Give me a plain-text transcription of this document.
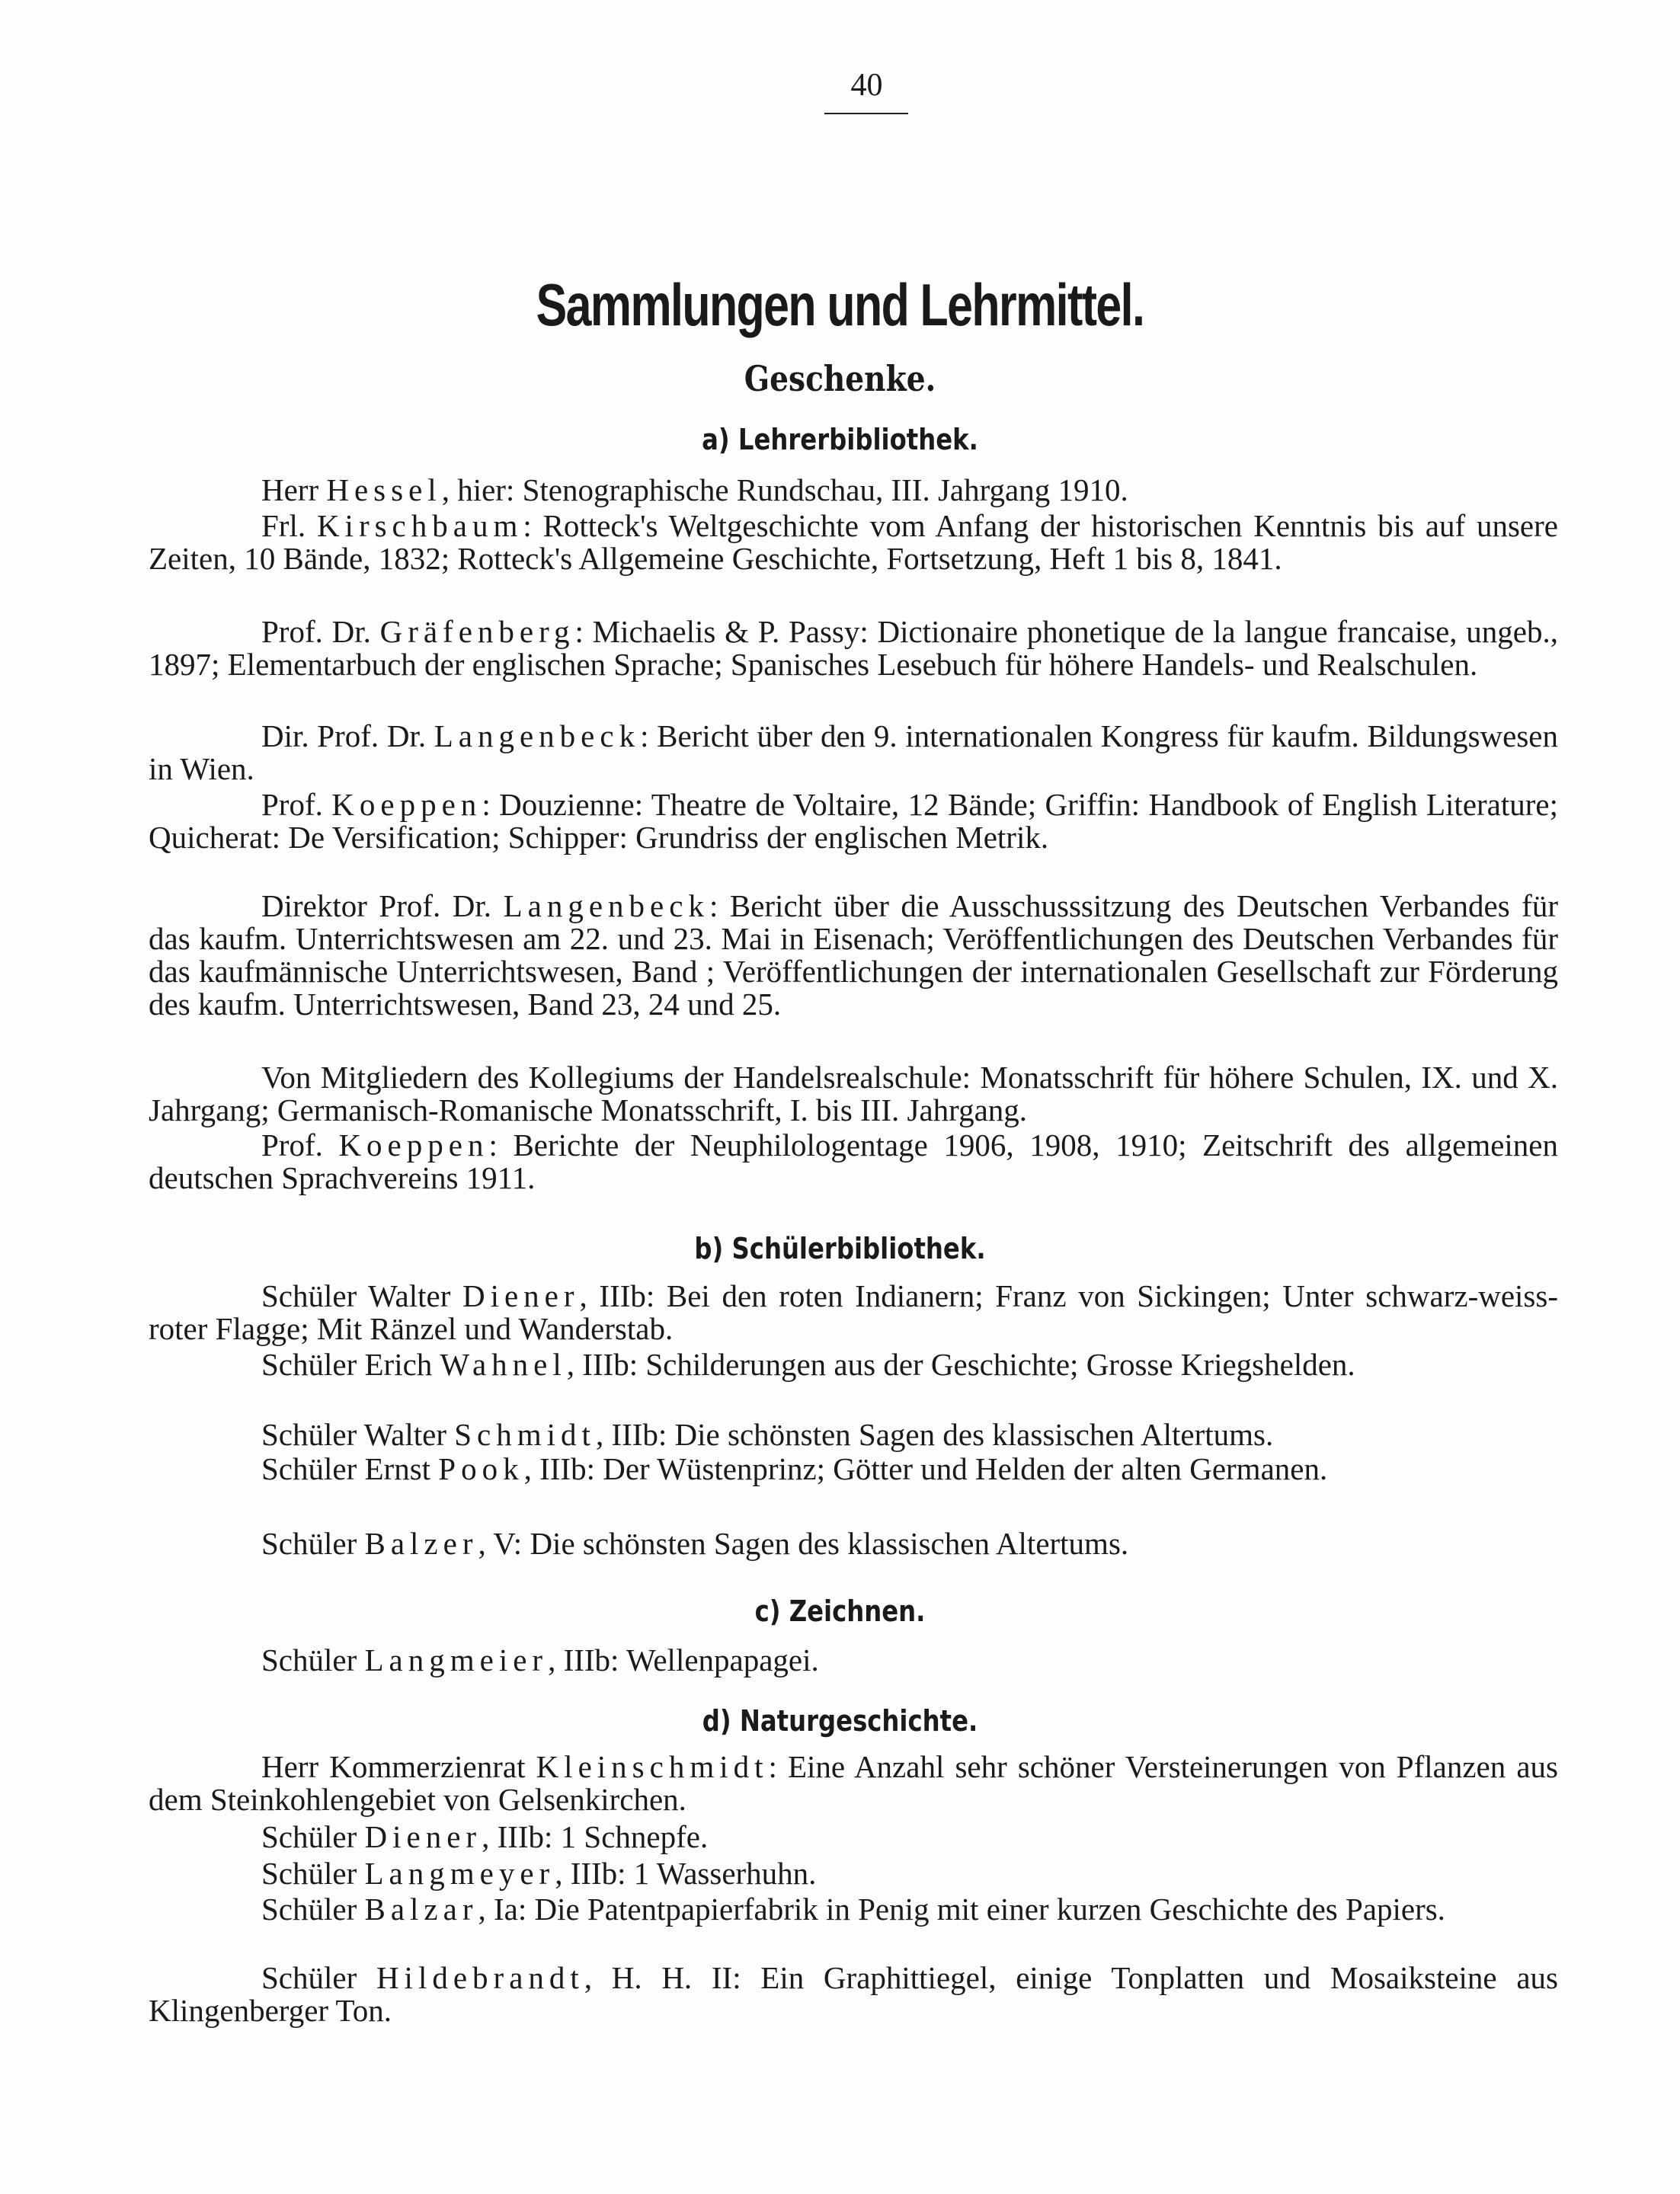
40
Sammlungen und Lehrmittel.
Geschenke.
a) Lehrerbibliothek.
Herr Hessel, hier: Stenographische Rundschau, III. Jahrgang 1910.
Frl. Kirschbaum: Rotteck's Weltgeschichte vom Anfang der historischen Kenntnis bis auf unsere Zeiten, 10 Bände, 1832; Rotteck's Allgemeine Geschichte, Fortsetzung, Heft 1 bis 8, 1841.
Prof. Dr. Gräfenberg: Michaelis & P. Passy: Dictionaire phonetique de la langue francaise, ungeb., 1897; Elementarbuch der englischen Sprache; Spanisches Lesebuch für höhere Handels- und Realschulen.
Dir. Prof. Dr. Langenbeck: Bericht über den 9. internationalen Kongress für kaufm. Bildungswesen in Wien.
Prof. Koeppen: Douzienne: Theatre de Voltaire, 12 Bände; Griffin: Handbook of English Literature; Quicherat: De Versification; Schipper: Grundriss der englischen Metrik.
Direktor Prof. Dr. Langenbeck: Bericht über die Ausschusssitzung des Deutschen Verbandes für das kaufm. Unterrichtswesen am 22. und 23. Mai in Eisenach; Veröffentlichungen des Deutschen Verbandes für das kaufmännische Unterrichtswesen, Band ; Veröffentlichungen der internationalen Gesellschaft zur Förderung des kaufm. Unterrichtswesen, Band 23, 24 und 25.
Von Mitgliedern des Kollegiums der Handelsrealschule: Monatsschrift für höhere Schulen, IX. und X. Jahrgang; Germanisch-Romanische Monatsschrift, I. bis III. Jahrgang.
Prof. Koeppen: Berichte der Neuphilologentage 1906, 1908, 1910; Zeitschrift des allgemeinen deutschen Sprachvereins 1911.
b) Schülerbibliothek.
Schüler Walter Diener, IIIb: Bei den roten Indianern; Franz von Sickingen; Unter schwarz-weiss-roter Flagge; Mit Ränzel und Wanderstab.
Schüler Erich Wahnel, IIIb: Schilderungen aus der Geschichte; Grosse Kriegshelden.
Schüler Walter Schmidt, IIIb: Die schönsten Sagen des klassischen Altertums.
Schüler Ernst Pook, IIIb: Der Wüstenprinz; Götter und Helden der alten Germanen.
Schüler Balzer, V: Die schönsten Sagen des klassischen Altertums.
c) Zeichnen.
Schüler Langmeier, IIIb: Wellenpapagei.
d) Naturgeschichte.
Herr Kommerzienrat Kleinschmidt: Eine Anzahl sehr schöner Versteinerungen von Pflanzen aus dem Steinkohlengebiet von Gelsenkirchen.
Schüler Diener, IIIb: 1 Schnepfe.
Schüler Langmeyer, IIIb: 1 Wasserhuhn.
Schüler Balzar, Ia: Die Patentpapierfabrik in Penig mit einer kurzen Geschichte des Papiers.
Schüler Hildebrandt, H. H. II: Ein Graphittiegel, einige Tonplatten und Mosaiksteine aus Klingenberger Ton.
